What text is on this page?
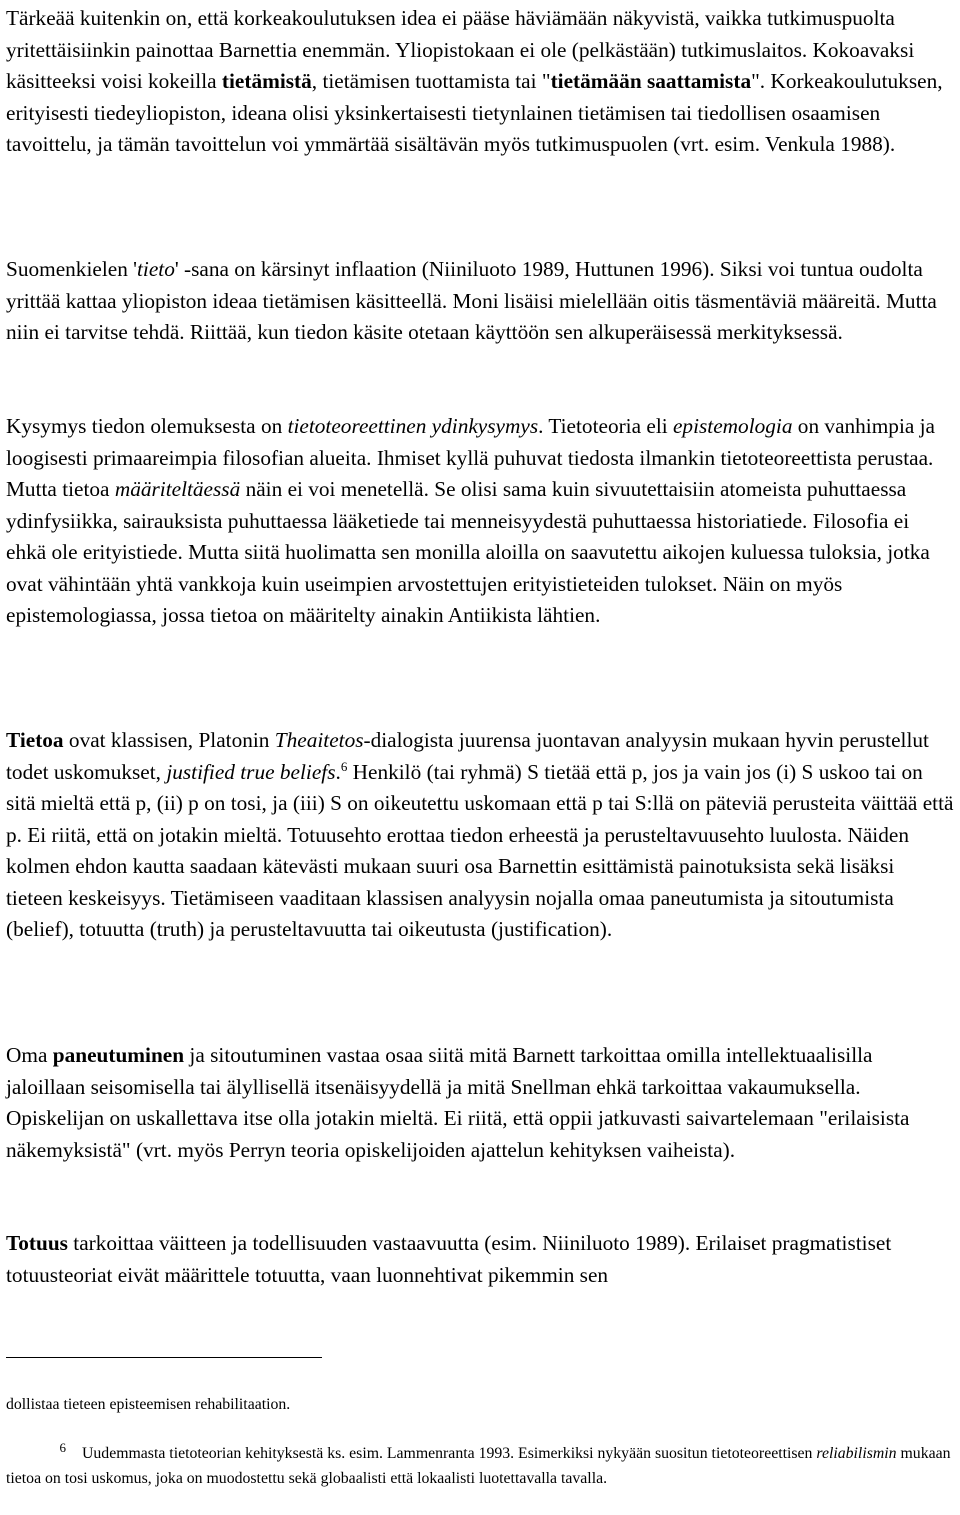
Tärkeää kuitenkin on, että korkeakoulutuksen idea ei pääse häviämään näkyvistä, vaikka tutkimuspuolta yritettäisiinkin painottaa Barnettia enemmän. Yliopistokaan ei ole (pelkästään) tutkimuslaitos. Kokoavaksi käsitteeksi voisi kokeilla tietämistä, tietämisen tuottamista tai "tietämään saattamista". Korkeakoulutuksen, erityisesti tiedeyliopiston, ideana olisi yksinkertaisesti tietynlainen tietämisen tai tiedollisen osaamisen tavoittelu, ja tämän tavoittelun voi ymmärtää sisältävän myös tutkimuspuolen (vrt. esim. Venkula 1988).

Suomenkielen 'tieto' -sana on kärsinyt inflaation (Niiniluoto 1989, Huttunen 1996). Siksi voi tuntua oudolta yrittää kattaa yliopiston ideaa tietämisen käsitteellä. Moni lisäisi mielellään oitis täsmentäviä määreitä. Mutta niin ei tarvitse tehdä. Riittää, kun tiedon käsite otetaan käyttöön sen alkuperäisessä merkityksessä.

Kysymys tiedon olemuksesta on tietoteoreettinen ydinkysymys. Tietoteoria eli epistemologia on vanhimpia ja loogisesti primaareimpia filosofian alueita. Ihmiset kyllä puhuvat tiedosta ilmankin tietoteoreettista perustaa. Mutta tietoa määriteltäessä näin ei voi menetellä. Se olisi sama kuin sivuutettaisiin atomeista puhuttaessa ydinfysiikka, sairauksista puhuttaessa lääketiede tai menneisyydestä puhuttaessa historiatiede. Filosofia ei ehkä ole erityistiede. Mutta siitä huolimatta sen monilla aloilla on saavutettu aikojen kuluessa tuloksia, jotka ovat vähintään yhtä vankkoja kuin useimpien arvostettujen erityistieteiden tulokset. Näin on myös epistemologiassa, jossa tietoa on määritelty ainakin Antiikista lähtien.

Tietoa ovat klassisen, Platonin Theaitetos-dialogista juurensa juontavan analyysin mukaan hyvin perustellut todet uskomukset, justified true beliefs.$^6$ Henkilö (tai ryhmä) S tietää että p, jos ja vain jos (i) S uskoo tai on sitä mieltä että p, (ii) p on tosi, ja (iii) S on oikeutettu uskomaan että p tai S:llä on päteviä perusteita väittää että p. Ei riitä, että on jotakin mieltä. Totuusehto erottaa tiedon erheestä ja perusteltavuusehto luulosta. Näiden kolmen ehdon kautta saadaan kätevästi mukaan suuri osa Barnettin esittämistä painotuksista sekä lisäksi tieteen keskeisyys. Tietämiseen vaaditaan klassisen analyysin nojalla omaa paneutumista ja sitoutumista (belief), totuutta (truth) ja perusteltavuutta tai oikeutusta (justification).

Oma paneutuminen ja sitoutuminen vastaa osaa siitä mitä Barnett tarkoittaa omilla intellektuaalisilla jaloillaan seisomisella tai älyllisellä itsenäisyydellä ja mitä Snellman ehkä tarkoittaa vakaumuksella. Opiskelijan on uskallettava itse olla jotakin mieltä. Ei riitä, että oppii jatkuvasti saivartelemaan "erilaisista näkemyksistä" (vrt. myös Perryn teoria opiskelijoiden ajattelun kehityksen vaiheista).

Totuus tarkoittaa väitteen ja todellisuuden vastaavuutta (esim. Niiniluoto 1989). Erilaiset pragmatistiset totuusteoriat eivät määrittele totuutta, vaan luonnehtivat pikemmin sen

dollistaa tieteen episteemisen rehabilitaation.

6 Uudemmasta tietoteorian kehityksestä ks. esim. Lammenranta 1993. Esimerkiksi nykyään suositun tietoteoreettisen reliabilismin mukaan tietoa on tosi uskomus, joka on muodostettu sekä globaalisti että lokaalisti luotettavalla tavalla.
